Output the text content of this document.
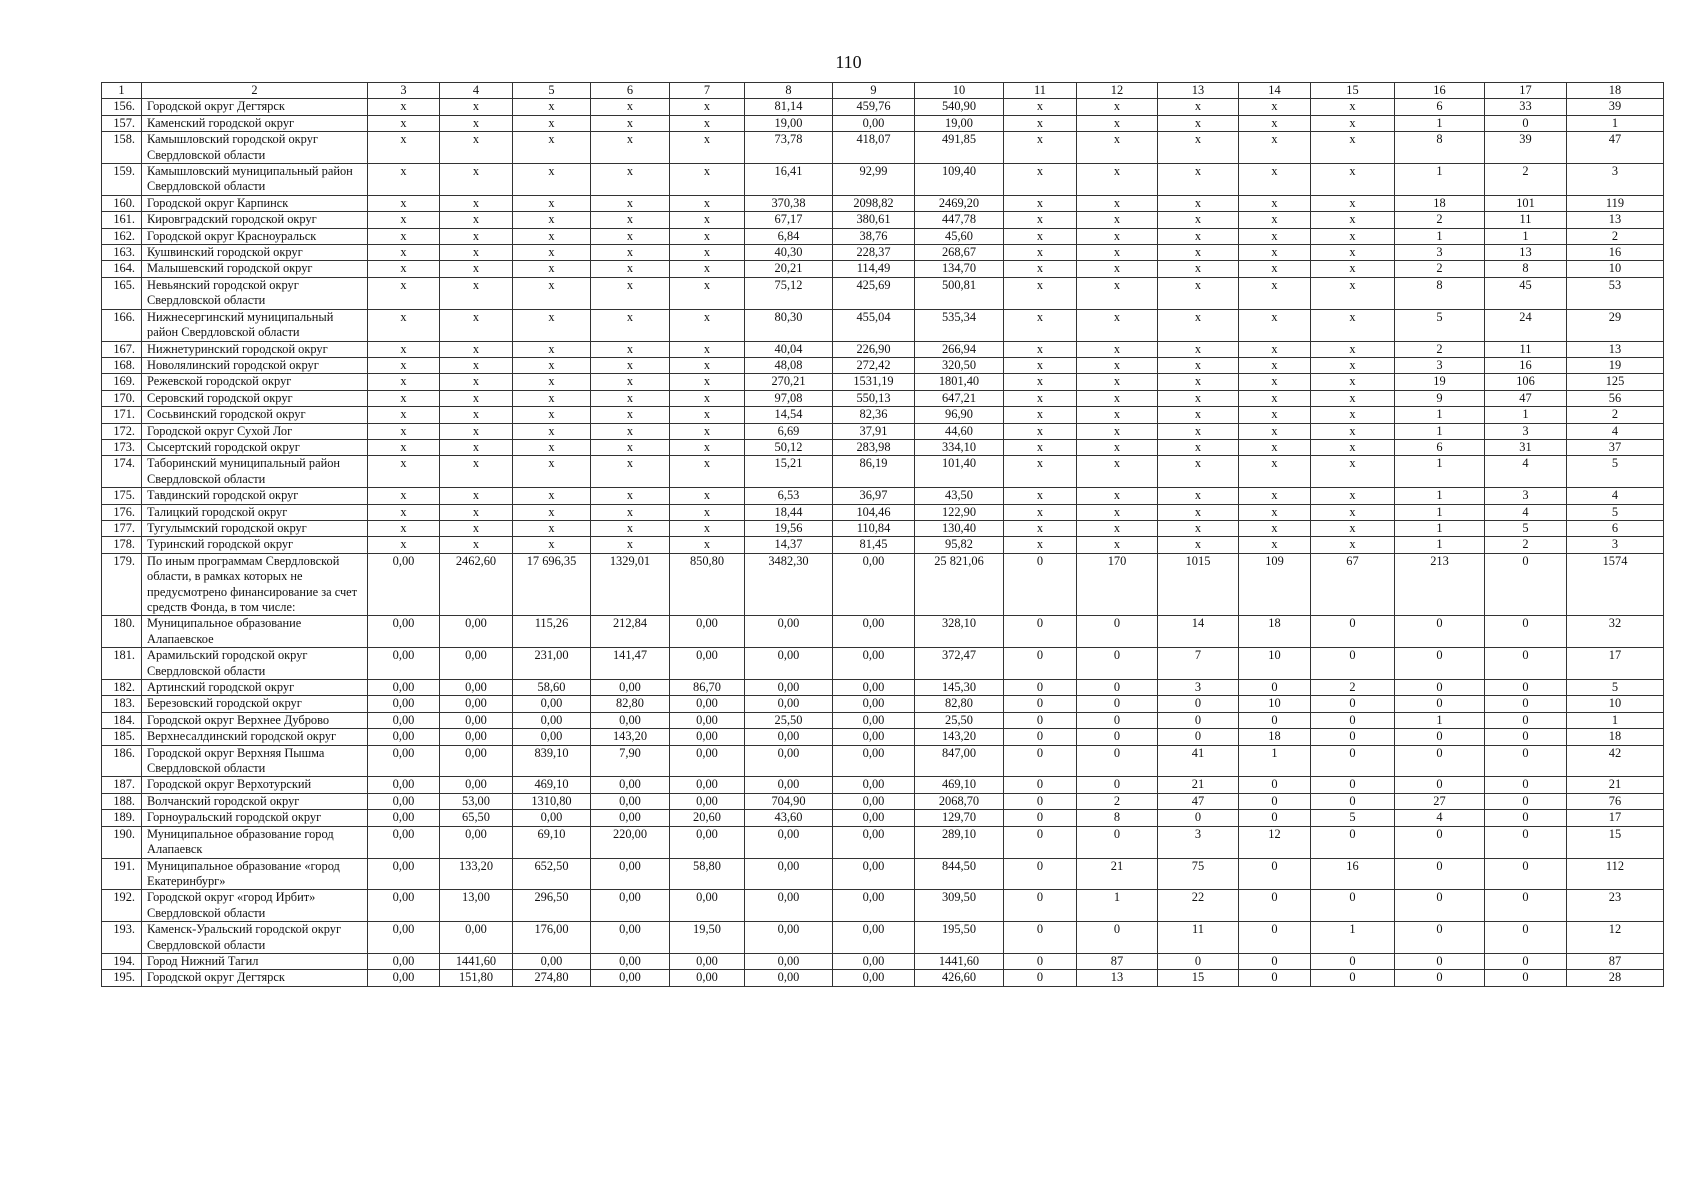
110
1	2	3	4	5	6	7	8	9	10	11	12	13	14	15	16	17	18
156.	Городской округ Дегтярск	x	x	x	x	x	81,14	459,76	540,90	x	x	x	x	x	6	33	39
157.	Каменский городской округ	x	x	x	x	x	19,00	0,00	19,00	x	x	x	x	x	1	0	1
158.	Камышловский городской округ Свердловской области	x	x	x	x	x	73,78	418,07	491,85	x	x	x	x	x	8	39	47
159.	Камышловский муниципальный район Свердловской области	x	x	x	x	x	16,41	92,99	109,40	x	x	x	x	x	1	2	3
160.	Городской округ Карпинск	x	x	x	x	x	370,38	2098,82	2469,20	x	x	x	x	x	18	101	119
161.	Кировградский городской округ	x	x	x	x	x	67,17	380,61	447,78	x	x	x	x	x	2	11	13
162.	Городской округ Красноуральск	x	x	x	x	x	6,84	38,76	45,60	x	x	x	x	x	1	1	2
163.	Кушвинский городской округ	x	x	x	x	x	40,30	228,37	268,67	x	x	x	x	x	3	13	16
164.	Малышевский городской округ	x	x	x	x	x	20,21	114,49	134,70	x	x	x	x	x	2	8	10
165.	Невьянский городской округ Свердловской области	x	x	x	x	x	75,12	425,69	500,81	x	x	x	x	x	8	45	53
166.	Нижнесергинский муниципальный район Свердловской области	x	x	x	x	x	80,30	455,04	535,34	x	x	x	x	x	5	24	29
167.	Нижнетуринский городской округ	x	x	x	x	x	40,04	226,90	266,94	x	x	x	x	x	2	11	13
168.	Новолялинский городской округ	x	x	x	x	x	48,08	272,42	320,50	x	x	x	x	x	3	16	19
169.	Режевской городской округ	x	x	x	x	x	270,21	1531,19	1801,40	x	x	x	x	x	19	106	125
170.	Серовский городской округ	x	x	x	x	x	97,08	550,13	647,21	x	x	x	x	x	9	47	56
171.	Сосьвинский городской округ	x	x	x	x	x	14,54	82,36	96,90	x	x	x	x	x	1	1	2
172.	Городской округ Сухой Лог	x	x	x	x	x	6,69	37,91	44,60	x	x	x	x	x	1	3	4
173.	Сысертский городской округ	x	x	x	x	x	50,12	283,98	334,10	x	x	x	x	x	6	31	37
174.	Таборинский муниципальный район Свердловской области	x	x	x	x	x	15,21	86,19	101,40	x	x	x	x	x	1	4	5
175.	Тавдинский городской округ	x	x	x	x	x	6,53	36,97	43,50	x	x	x	x	x	1	3	4
176.	Талицкий городской округ	x	x	x	x	x	18,44	104,46	122,90	x	x	x	x	x	1	4	5
177.	Тугулымский городской округ	x	x	x	x	x	19,56	110,84	130,40	x	x	x	x	x	1	5	6
178.	Туринский городской округ	x	x	x	x	x	14,37	81,45	95,82	x	x	x	x	x	1	2	3
179.	По иным программам Свердловской области, в рамках которых не предусмотрено финансирование за счет средств Фонда, в том числе:	0,00	2462,60	17 696,35	1329,01	850,80	3482,30	0,00	25 821,06	0	170	1015	109	67	213	0	1574
180.	Муниципальное образование Алапаевское	0,00	0,00	115,26	212,84	0,00	0,00	0,00	328,10	0	0	14	18	0	0	0	32
181.	Арамильский городской округ Свердловской области	0,00	0,00	231,00	141,47	0,00	0,00	0,00	372,47	0	0	7	10	0	0	0	17
182.	Артинский городской округ	0,00	0,00	58,60	0,00	86,70	0,00	0,00	145,30	0	0	3	0	2	0	0	5
183.	Березовский городской округ	0,00	0,00	0,00	82,80	0,00	0,00	0,00	82,80	0	0	0	10	0	0	0	10
184.	Городской округ Верхнее Дуброво	0,00	0,00	0,00	0,00	0,00	25,50	0,00	25,50	0	0	0	0	0	1	0	1
185.	Верхнесалдинский городской округ	0,00	0,00	0,00	143,20	0,00	0,00	0,00	143,20	0	0	0	18	0	0	0	18
186.	Городской округ Верхняя Пышма Свердловской области	0,00	0,00	839,10	7,90	0,00	0,00	0,00	847,00	0	0	41	1	0	0	0	42
187.	Городской округ Верхотурский	0,00	0,00	469,10	0,00	0,00	0,00	0,00	469,10	0	0	21	0	0	0	0	21
188.	Волчанский городской округ	0,00	53,00	1310,80	0,00	0,00	704,90	0,00	2068,70	0	2	47	0	0	27	0	76
189.	Горноуральский городской округ	0,00	65,50	0,00	0,00	20,60	43,60	0,00	129,70	0	8	0	0	5	4	0	17
190.	Муниципальное образование город Алапаевск	0,00	0,00	69,10	220,00	0,00	0,00	0,00	289,10	0	0	3	12	0	0	0	15
191.	Муниципальное образование «город Екатеринбург»	0,00	133,20	652,50	0,00	58,80	0,00	0,00	844,50	0	21	75	0	16	0	0	112
192.	Городской округ «город Ирбит» Свердловской области	0,00	13,00	296,50	0,00	0,00	0,00	0,00	309,50	0	1	22	0	0	0	0	23
193.	Каменск-Уральский городской округ Свердловской области	0,00	0,00	176,00	0,00	19,50	0,00	0,00	195,50	0	0	11	0	1	0	0	12
194.	Город Нижний Тагил	0,00	1441,60	0,00	0,00	0,00	0,00	0,00	1441,60	0	87	0	0	0	0	0	87
195.	Городской округ Дегтярск	0,00	151,80	274,80	0,00	0,00	0,00	0,00	426,60	0	13	15	0	0	0	0	28
